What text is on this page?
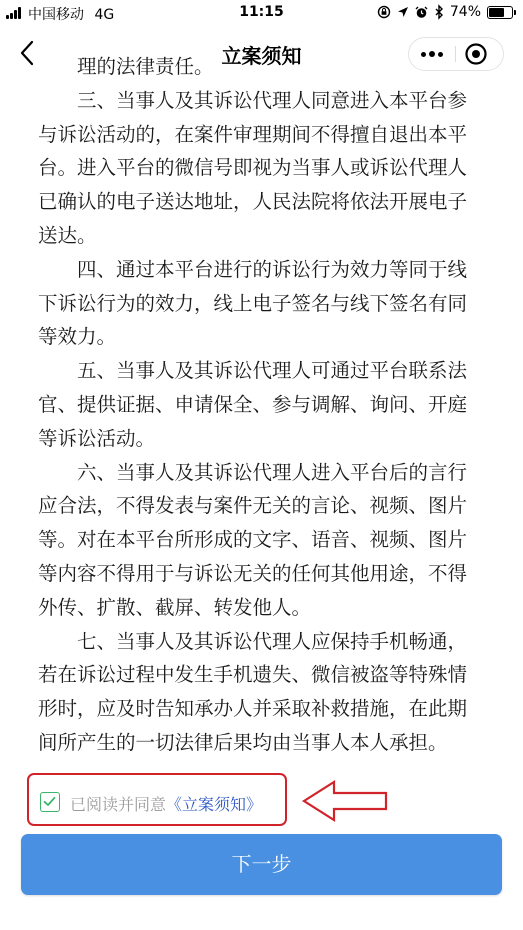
中国移动 4G	11:15	74%
立案须知

理的法律责任。

三、当事人及其诉讼代理人同意进入本平台参与诉讼活动的，在案件审理期间不得擅自退出本平台。进入平台的微信号即视为当事人或诉讼代理人已确认的电子送达地址，人民法院将依法开展电子送达。

四、通过本平台进行的诉讼行为效力等同于线下诉讼行为的效力，线上电子签名与线下签名有同等效力。

五、当事人及其诉讼代理人可通过平台联系法官、提供证据、申请保全、参与调解、询问、开庭等诉讼活动。

六、当事人及其诉讼代理人进入平台后的言行应合法，不得发表与案件无关的言论、视频、图片等。对在本平台所形成的文字、语音、视频、图片等内容不得用于与诉讼无关的任何其他用途，不得外传、扩散、截屏、转发他人。

七、当事人及其诉讼代理人应保持手机畅通，若在诉讼过程中发生手机遗失、微信被盗等特殊情形时，应及时告知承办人并采取补救措施，在此期间所产生的一切法律后果均由当事人本人承担。

已阅读并同意《立案须知》
下一步
